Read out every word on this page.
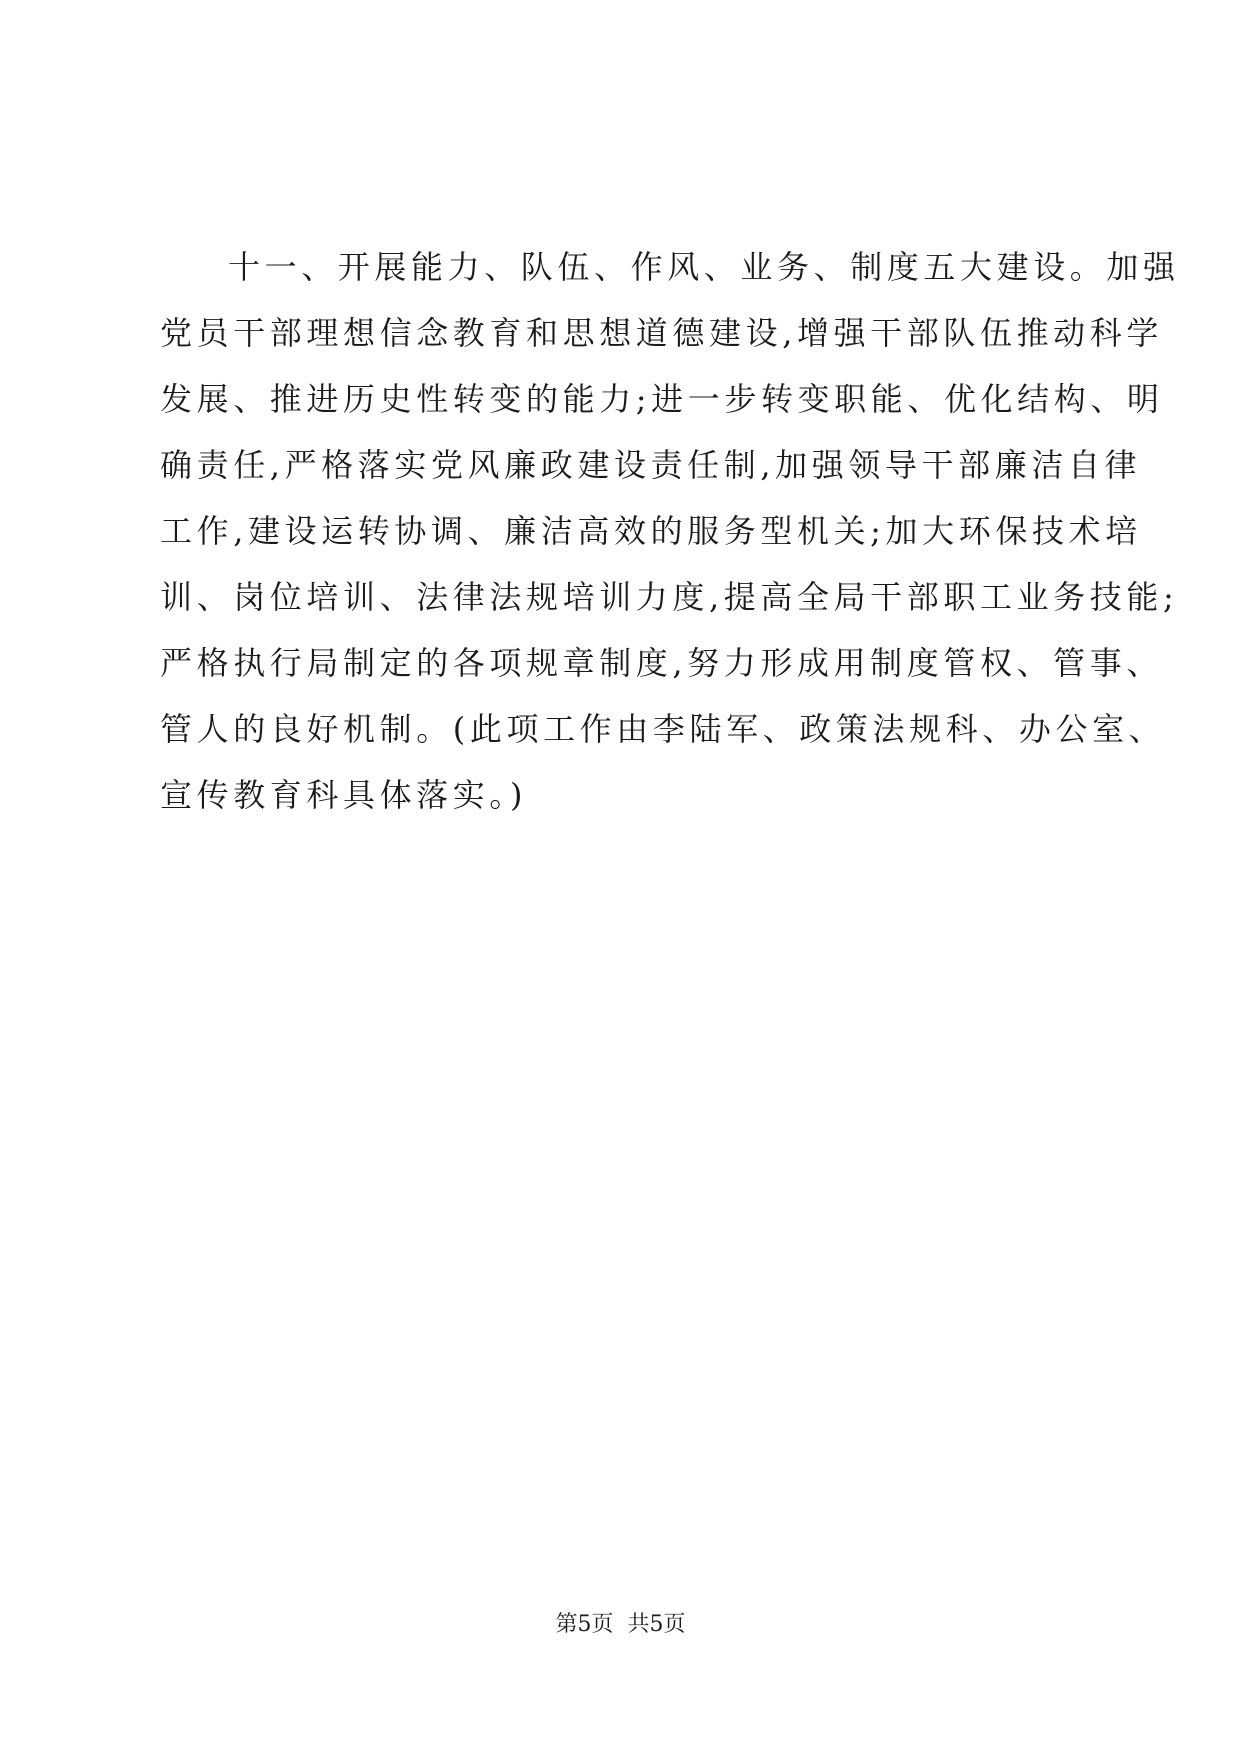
十一、开展能力、队伍、作风、业务、制度五大建设。加强
党员干部理想信念教育和思想道德建设,增强干部队伍推动科学
发展、推进历史性转变的能力;进一步转变职能、优化结构、明
确责任,严格落实党风廉政建设责任制,加强领导干部廉洁自律
工作,建设运转协调、廉洁高效的服务型机关;加大环保技术培
训、岗位培训、法律法规培训力度,提高全局干部职工业务技能;
严格执行局制定的各项规章制度,努力形成用制度管权、管事、
管人的良好机制。(此项工作由李陆军、政策法规科、办公室、
宣传教育科具体落实。)
第5页 共5页
